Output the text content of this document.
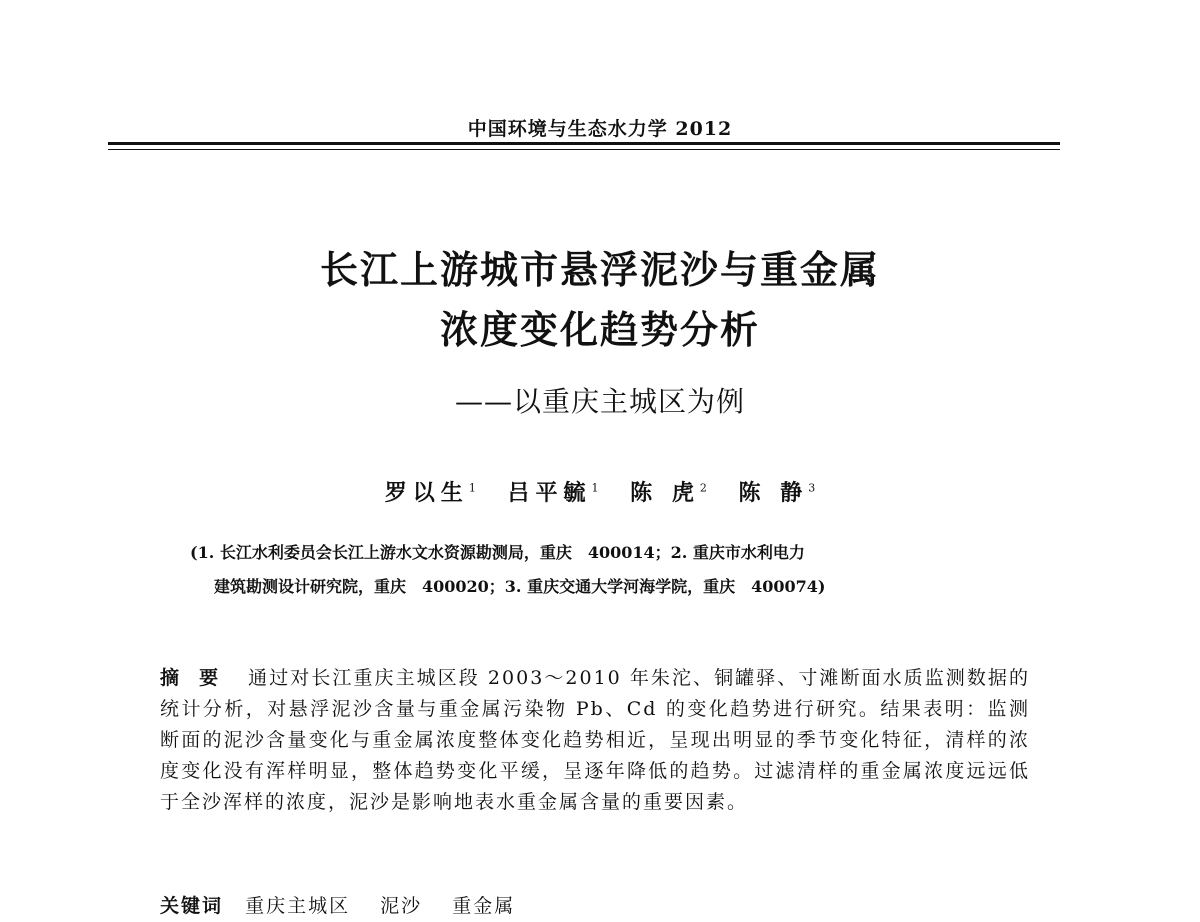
中国环境与生态水力学 2012
长江上游城市悬浮泥沙与重金属
浓度变化趋势分析
——以重庆主城区为例
罗以生$^1$ 吕平毓$^1$ 陈 虎$^2$ 陈 静$^3$
(1. 长江水利委员会长江上游水文水资源勘测局，重庆　400014；2. 重庆市水利电力
建筑勘测设计研究院，重庆　400020；3. 重庆交通大学河海学院，重庆　400074)
摘要 通过对长江重庆主城区段 2003～2010 年朱沱、铜罐驿、寸滩断面水质监测数据的统计分析，对悬浮泥沙含量与重金属污染物 Pb、Cd 的变化趋势进行研究。结果表明：监测断面的泥沙含量变化与重金属浓度整体变化趋势相近，呈现出明显的季节变化特征，清样的浓度变化没有浑样明显，整体趋势变化平缓，呈逐年降低的趋势。过滤清样的重金属浓度远远低于全沙浑样的浓度，泥沙是影响地表水重金属含量的重要因素。
关键词 重庆主城区 泥沙 重金属
